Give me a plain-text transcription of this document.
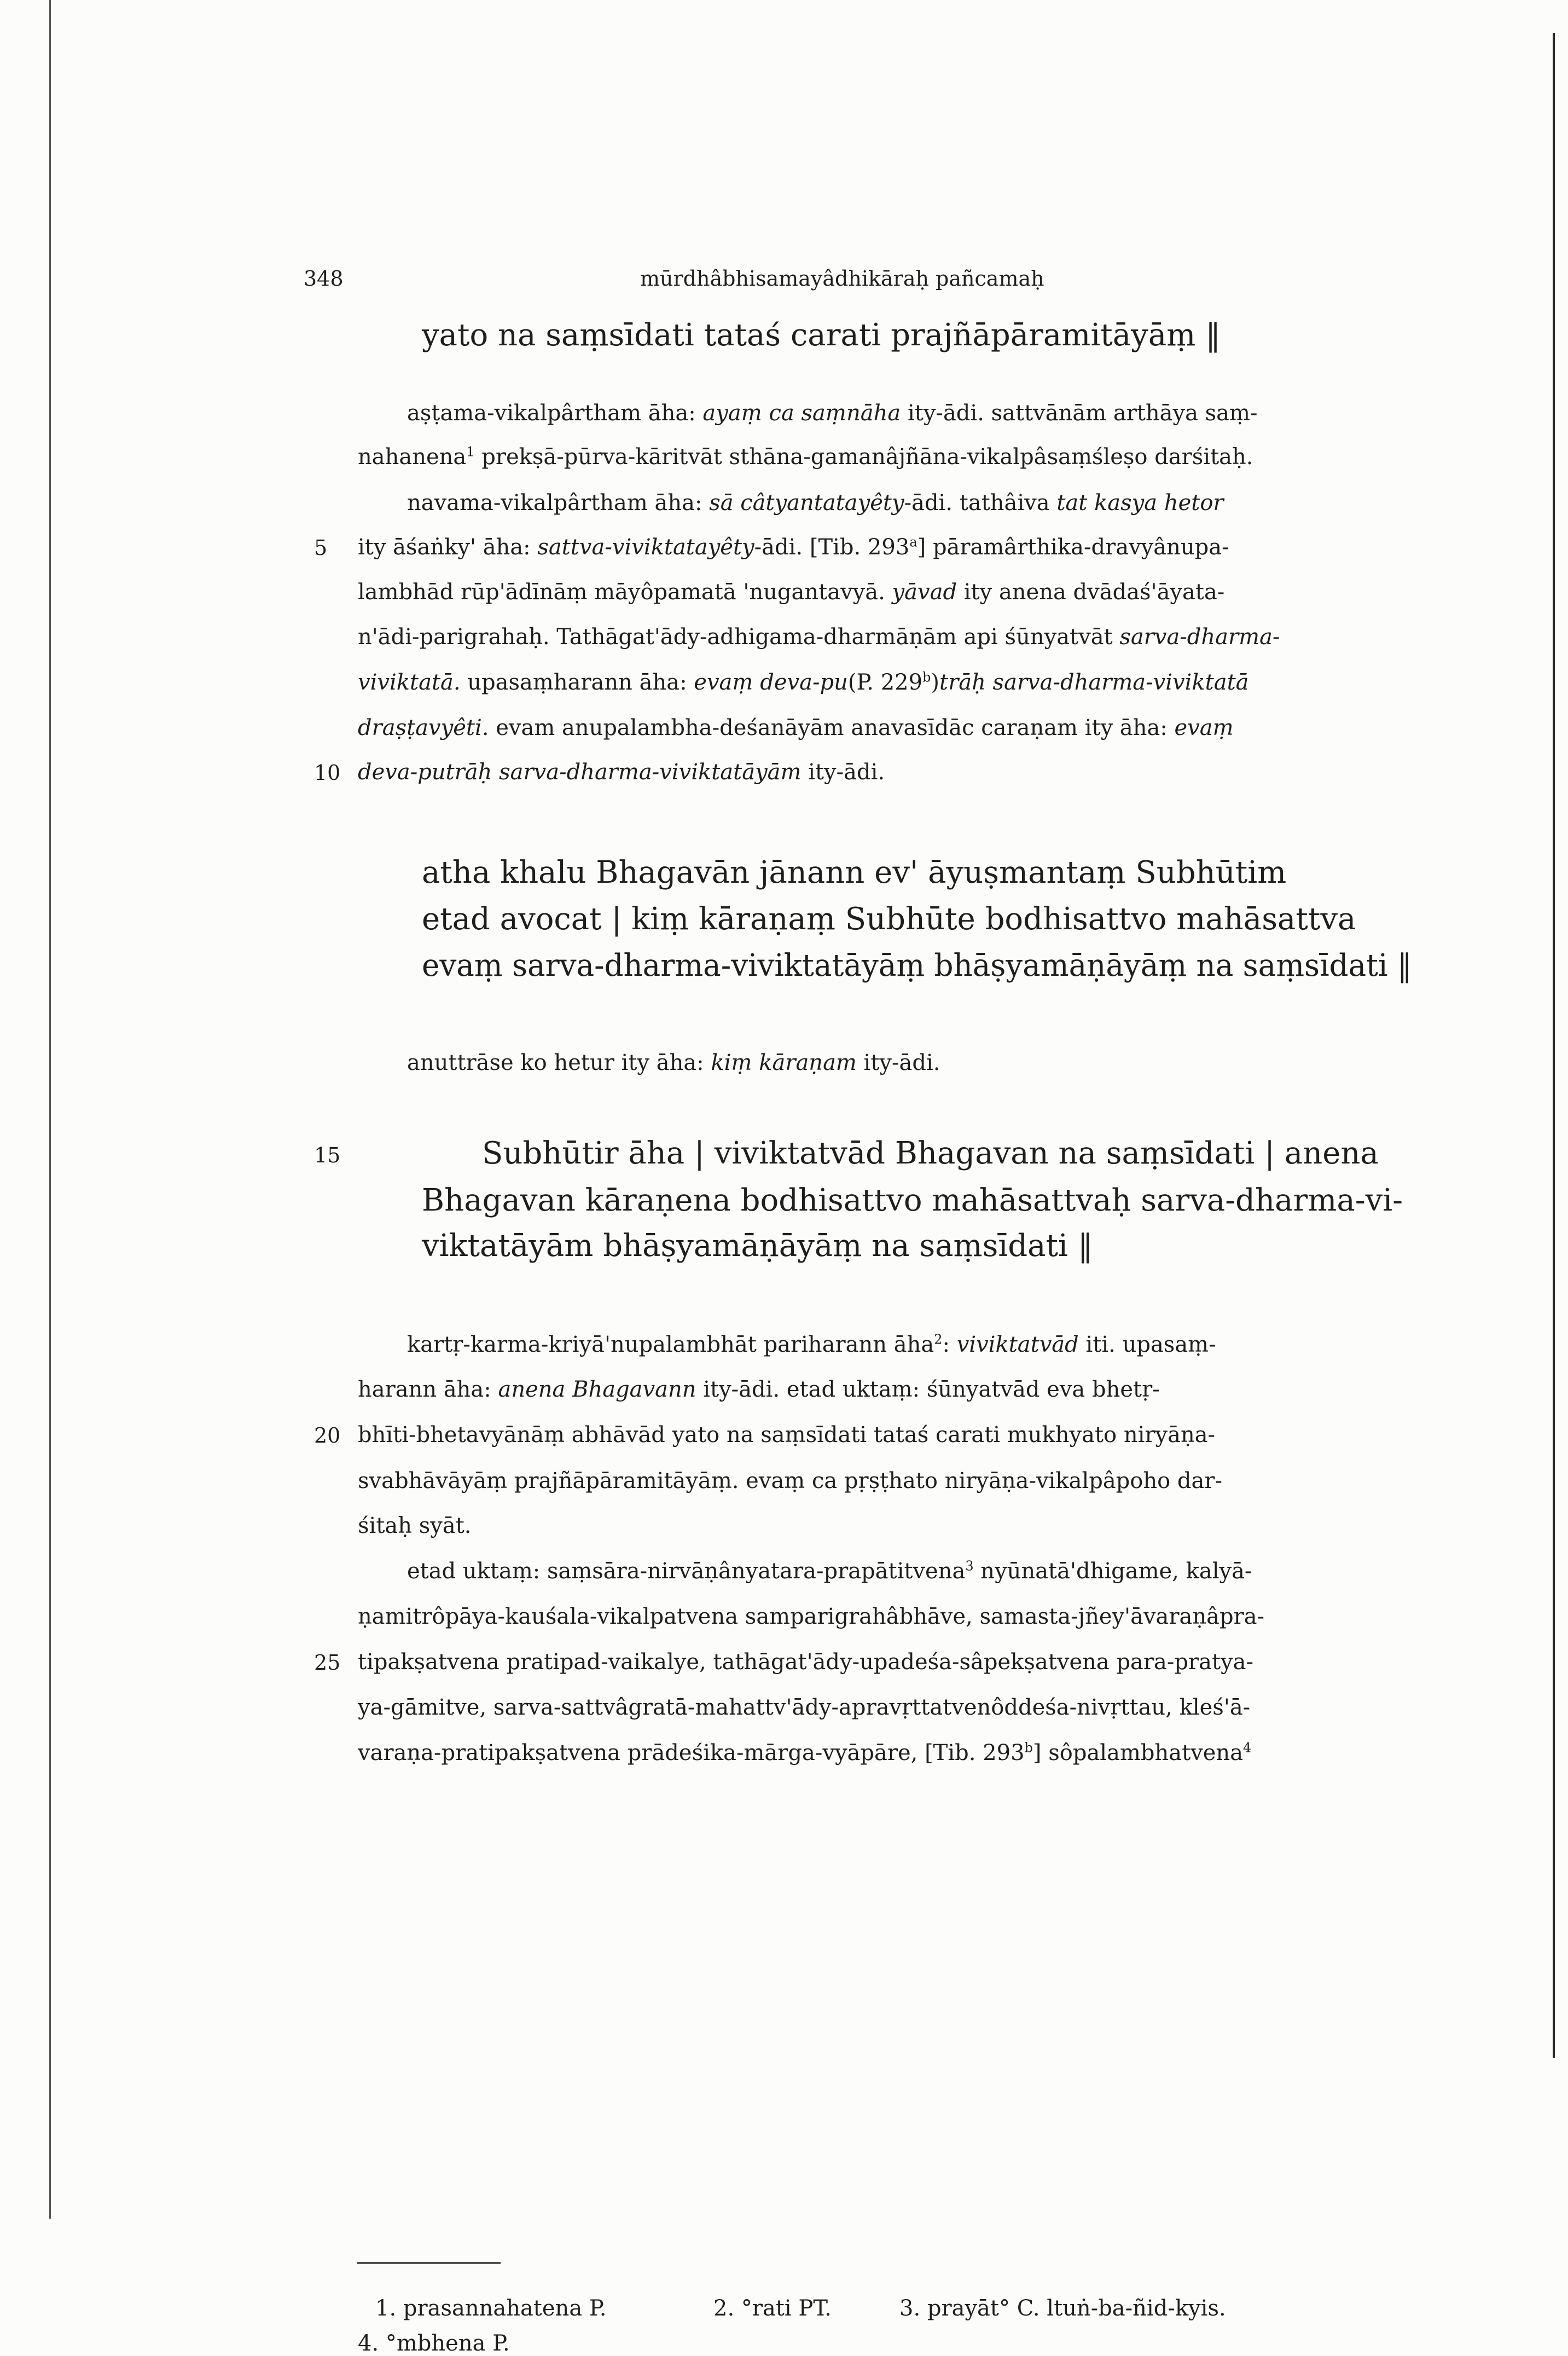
348	mūrdhâbhisamayâdhikāraḥ pañcamaḥ
yato na saṃsīdati tataś carati prajñāpāramitāyāṃ ‖
aṣṭama-vikalpârtham āha: ayaṃ ca saṃnāha ity-ādi. sattvānām arthāya saṃ-
nahanena$^1$ prekṣā-pūrva-kāritvāt sthāna-gamanâjñāna-vikalpâsaṃśleṣo darśitaḥ.
navama-vikalpârtham āha: sā câtyantatayêty-ādi. tathâiva tat kasya hetor
ity āśaṅky' āha: sattva-viviktatayêty-ādi. [Tib. 293$^a$] pāramârthika-dravyânupa-
5
lambhād rūp'ādīnāṃ māyôpamatā 'nugantavyā. yāvad ity anena dvādaś'āyata-
n'ādi-parigrahaḥ. Tathāgat'ādy-adhigama-dharmāṇām api śūnyatvāt sarva-dharma-
viviktatā. upasaṃharann āha: evaṃ deva-pu(P. 229$^b$)trāḥ sarva-dharma-viviktatā
draṣṭavyêti. evam anupalambha-deśanāyām anavasīdāc caraṇam ity āha: evaṃ
deva-putrāḥ sarva-dharma-viviktatāyām ity-ādi.
10
atha khalu Bhagavān jānann ev' āyuṣmantaṃ Subhūtim
etad avocat | kiṃ kāraṇaṃ Subhūte bodhisattvo mahāsattva
evaṃ sarva-dharma-viviktatāyāṃ bhāṣyamāṇāyāṃ na saṃsīdati ‖
anuttrāse ko hetur ity āha: kiṃ kāraṇam ity-ādi.
Subhūtir āha | viviktatvād Bhagavan na saṃsīdati | anena
15
Bhagavan kāraṇena bodhisattvo mahāsattvaḥ sarva-dharma-vi-
viktatāyām bhāṣyamāṇāyāṃ na saṃsīdati ‖
kartṛ-karma-kriyā'nupalambhāt pariharann āha$^2$: viviktatvād iti. upasaṃ-
harann āha: anena Bhagavann ity-ādi. etad uktaṃ: śūnyatvād eva bhetṛ-
bhīti-bhetavyānāṃ abhāvād yato na saṃsīdati tataś carati mukhyato niryāṇa-
20
svabhāvāyāṃ prajñāpāramitāyāṃ. evaṃ ca pṛṣṭhato niryāṇa-vikalpâpoho dar-
śitaḥ syāt.
etad uktaṃ: saṃsāra-nirvāṇânyatara-prapātitvena$^3$ nyūnatā'dhigame, kalyā-
ṇamitrôpāya-kauśala-vikalpatvena samparigrahâbhāve, samasta-jñey'āvaraṇâpra-
tipakṣatvena pratipad-vaikalye, tathāgat'ādy-upadeśa-sâpekṣatvena para-pratya-
25
ya-gāmitve, sarva-sattvâgratā-mahattv'ādy-apravṛttatvenôddeśa-nivṛttau, kleś'ā-
varaṇa-pratipakṣatvena prādeśika-mārga-vyāpāre, [Tib. 293$^b$] sôpalambhatvena$^4$
1. prasannahatena P.	2. °rati PT.	3. prayāt° C. ltuṅ-ba-ñid-kyis.
4. °mbhena P.
